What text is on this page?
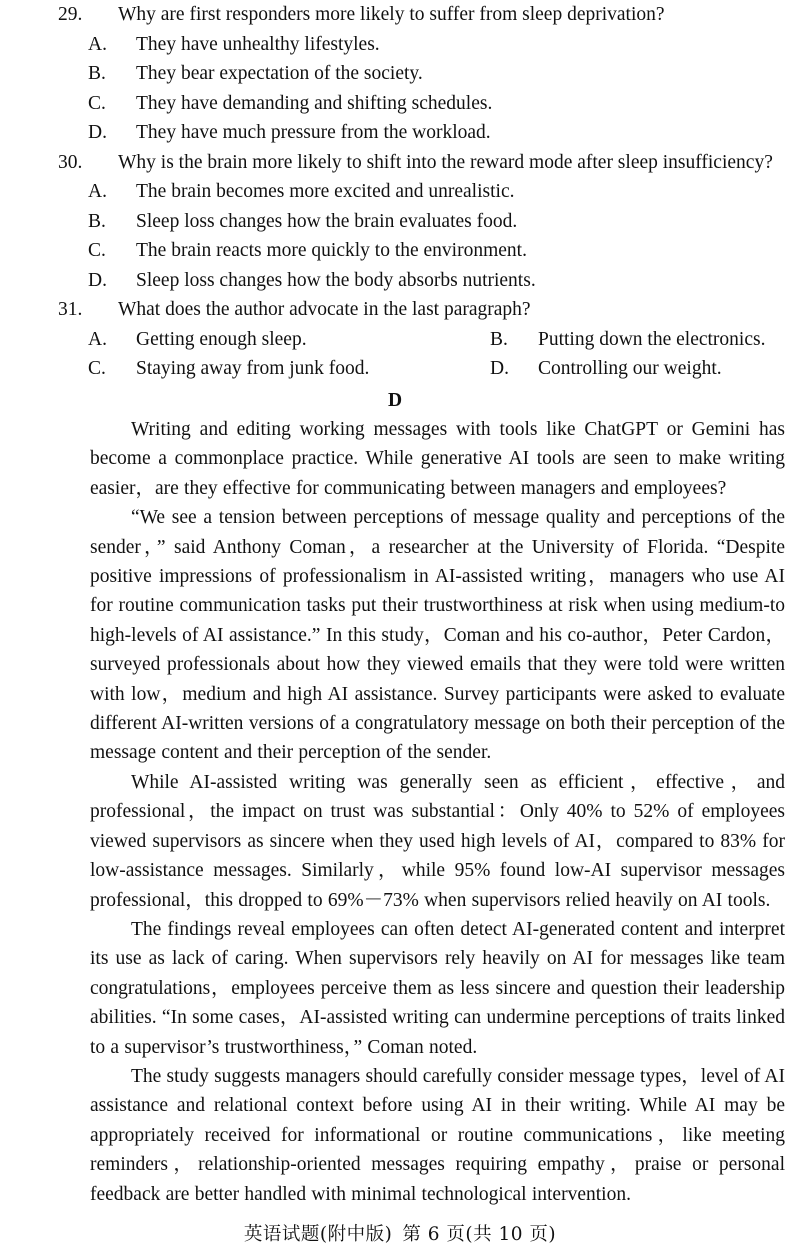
29. Why are first responders more likely to suffer from sleep deprivation?
A. They have unhealthy lifestyles.
B. They bear expectation of the society.
C. They have demanding and shifting schedules.
D. They have much pressure from the workload.
30. Why is the brain more likely to shift into the reward mode after sleep insufficiency?
A. The brain becomes more excited and unrealistic.
B. Sleep loss changes how the brain evaluates food.
C. The brain reacts more quickly to the environment.
D. Sleep loss changes how the body absorbs nutrients.
31. What does the author advocate in the last paragraph?
A. Getting enough sleep.	B. Putting down the electronics.
C. Staying away from junk food.	D. Controlling our weight.
D

Writing and editing working messages with tools like ChatGPT or Gemini has become a commonplace practice. While generative AI tools are seen to make writing easier，are they effective for communicating between managers and employees?

“We see a tension between perceptions of message quality and perceptions of the sender，” said Anthony Coman，a researcher at the University of Florida. “Despite positive impressions of professionalism in AI-assisted writing，managers who use AI for routine communication tasks put their trustworthiness at risk when using medium-to high-levels of AI assistance.” In this study，Coman and his co-author，Peter Cardon，surveyed professionals about how they viewed emails that they were told were written with low，medium and high AI assistance. Survey participants were asked to evaluate different AI-written versions of a congratulatory message on both their perception of the message content and their perception of the sender.

While AI-assisted writing was generally seen as efficient，effective，and professional，the impact on trust was substantial：Only 40% to 52% of employees viewed supervisors as sincere when they used high levels of AI，compared to 83% for low-assistance messages. Similarly，while 95% found low-AI supervisor messages professional，this dropped to 69%－73% when supervisors relied heavily on AI tools.

The findings reveal employees can often detect AI-generated content and interpret its use as lack of caring. When supervisors rely heavily on AI for messages like team congratulations，employees perceive them as less sincere and question their leadership abilities. “In some cases，AI-assisted writing can undermine perceptions of traits linked to a supervisor’s trustworthiness，” Coman noted.

The study suggests managers should carefully consider message types，level of AI assistance and relational context before using AI in their writing. While AI may be appropriately received for informational or routine communications，like meeting reminders，relationship-oriented messages requiring empathy，praise or personal feedback are better handled with minimal technological intervention.

英语试题(附中版) 第 6 页(共 10 页)
